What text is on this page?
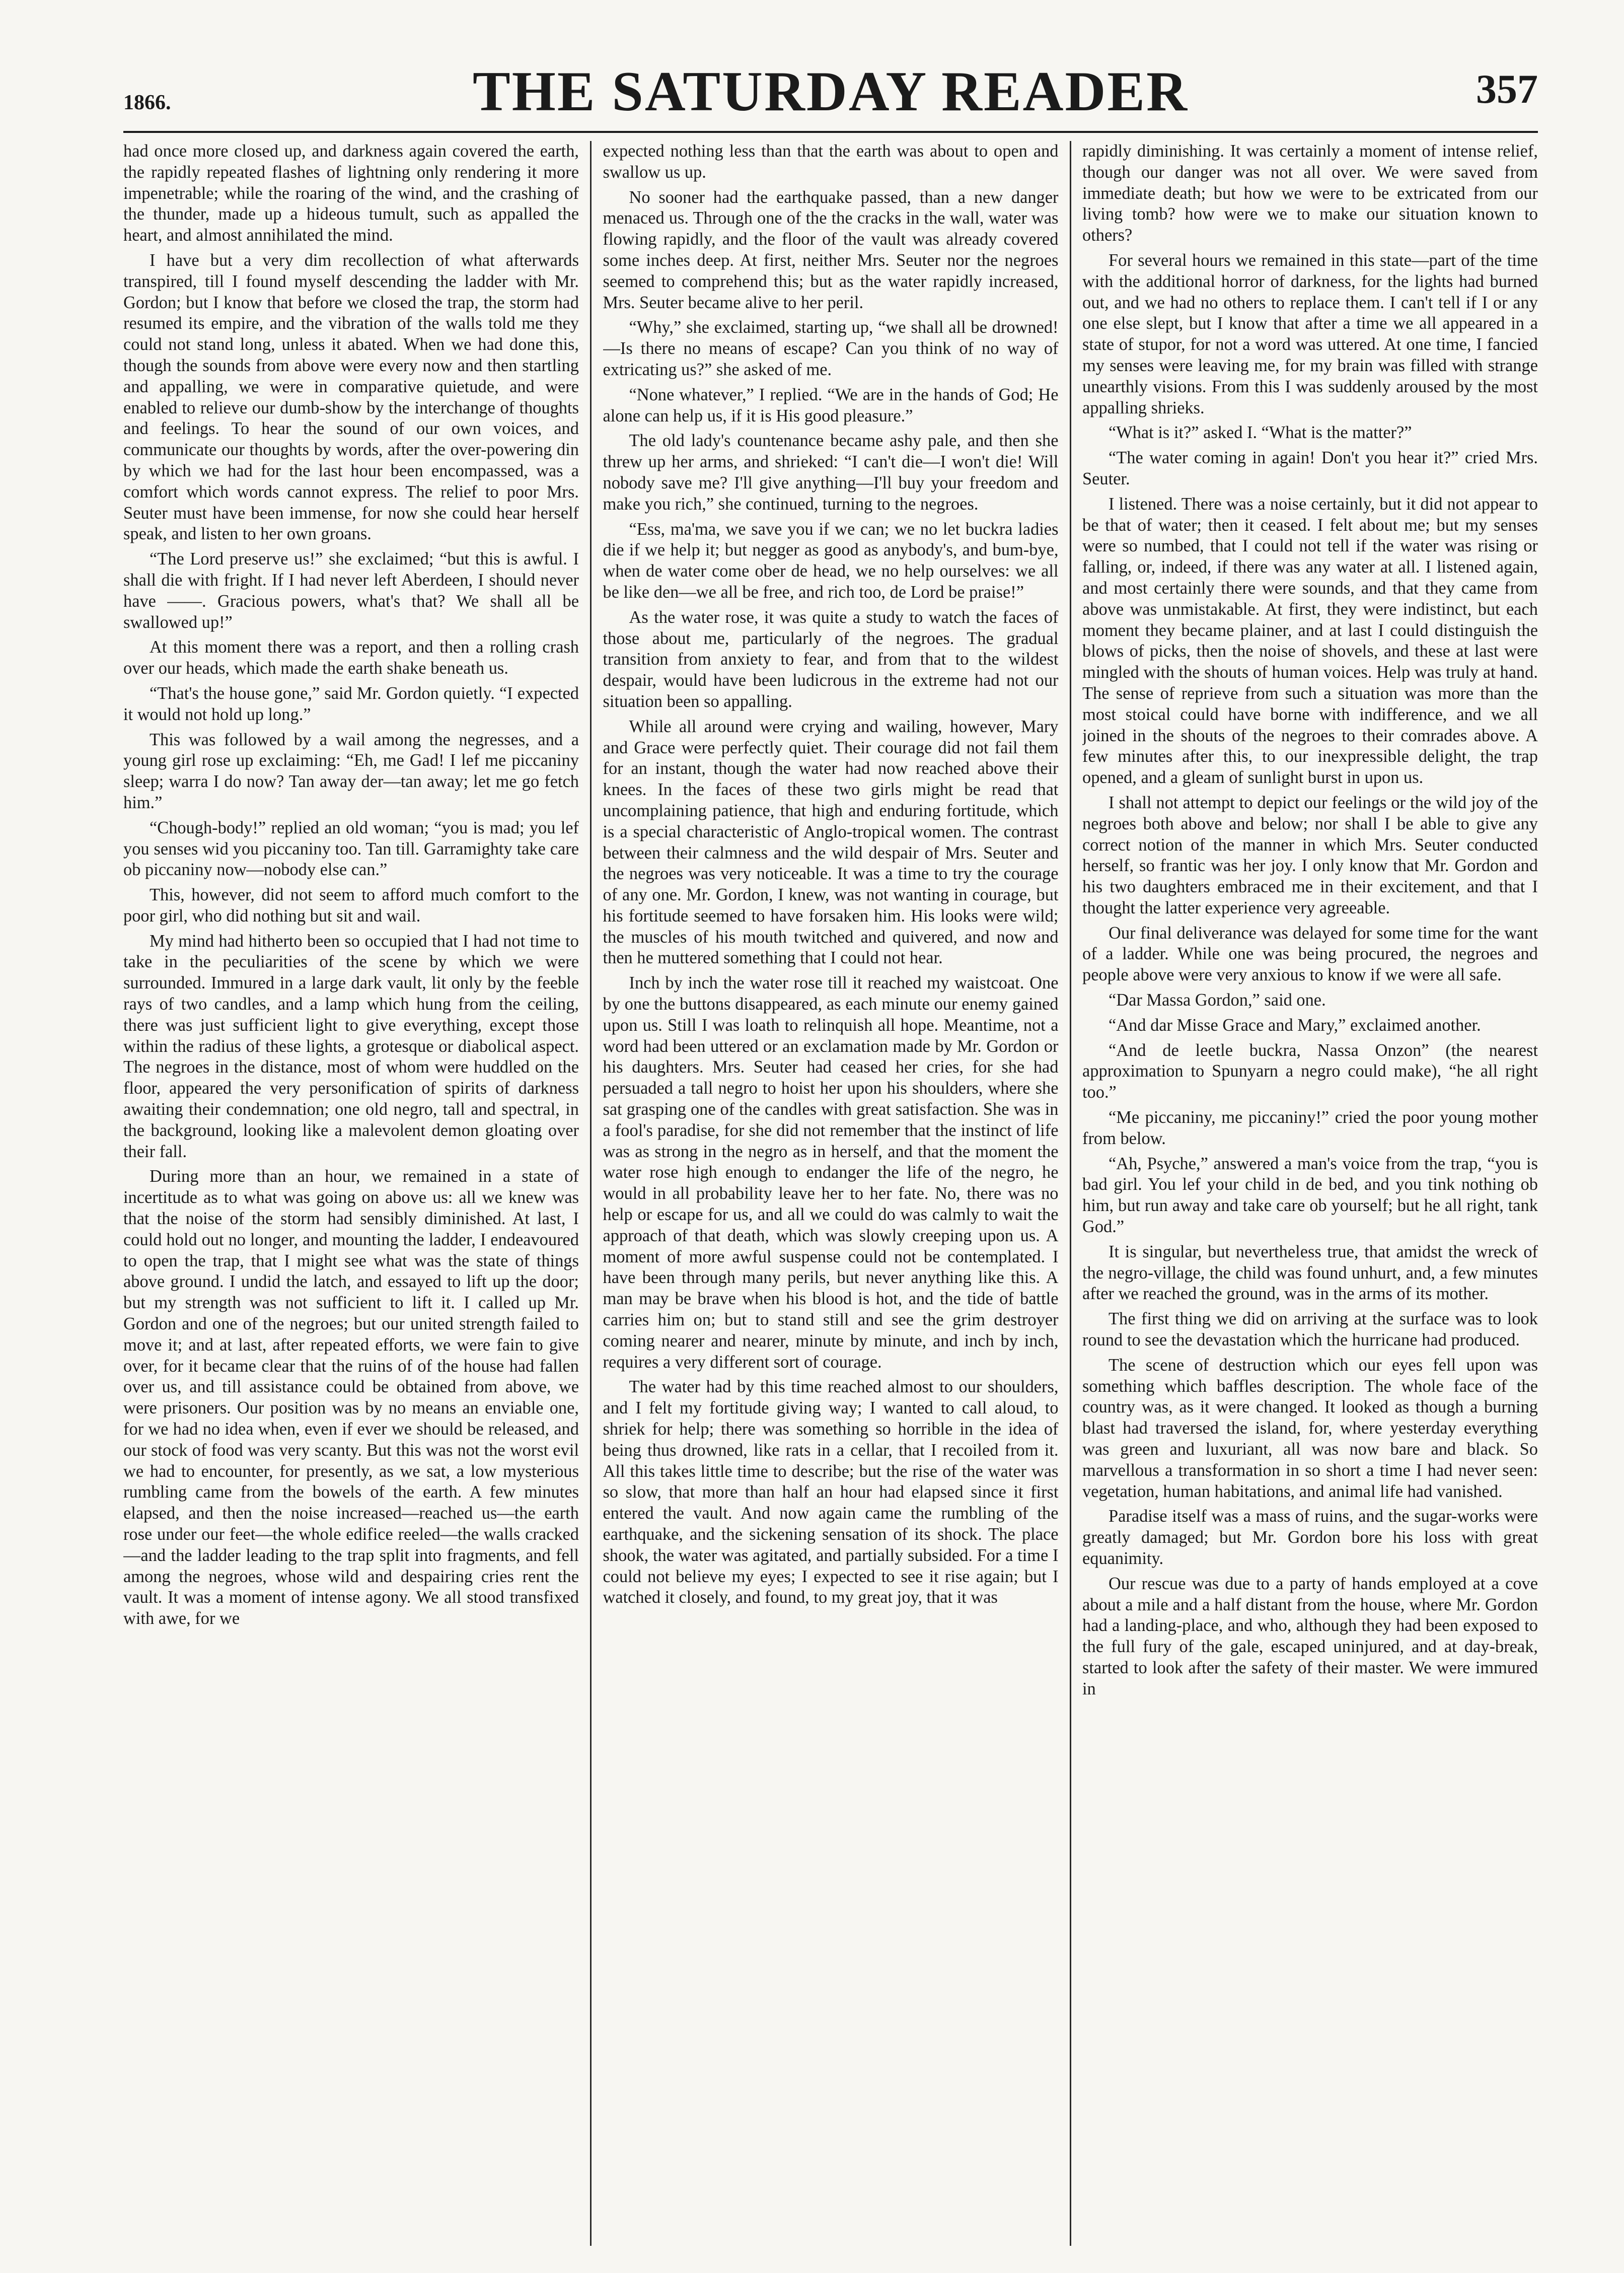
1866.	THE SATURDAY READER	357

had once more closed up, and darkness again covered the earth, the rapidly repeated flashes of lightning only rendering it more impenetrable; while the roaring of the wind, and the crashing of the thunder, made up a hideous tumult, such as appalled the heart, and almost annihilated the mind.

I have but a very dim recollection of what afterwards transpired, till I found myself descending the ladder with Mr. Gordon; but I know that before we closed the trap, the storm had resumed its empire, and the vibration of the walls told me they could not stand long, unless it abated. When we had done this, though the sounds from above were every now and then startling and appalling, we were in comparative quietude, and were enabled to relieve our dumb-show by the interchange of thoughts and feelings. To hear the sound of our own voices, and communicate our thoughts by words, after the over-powering din by which we had for the last hour been encompassed, was a comfort which words cannot express. The relief to poor Mrs. Seuter must have been immense, for now she could hear herself speak, and listen to her own groans.

“The Lord preserve us!” she exclaimed; “but this is awful. I shall die with fright. If I had never left Aberdeen, I should never have ——. Gracious powers, what's that? We shall all be swallowed up!”

At this moment there was a report, and then a rolling crash over our heads, which made the earth shake beneath us.

“That's the house gone,” said Mr. Gordon quietly. “I expected it would not hold up long.”

This was followed by a wail among the negresses, and a young girl rose up exclaiming: “Eh, me Gad! I lef me piccaniny sleep; warra I do now? Tan away der—tan away; let me go fetch him.”

“Chough-body!” replied an old woman; “you is mad; you lef you senses wid you piccaniny too. Tan till. Garramighty take care ob piccaniny now—nobody else can.”

This, however, did not seem to afford much comfort to the poor girl, who did nothing but sit and wail.

My mind had hitherto been so occupied that I had not time to take in the peculiarities of the scene by which we were surrounded. Immured in a large dark vault, lit only by the feeble rays of two candles, and a lamp which hung from the ceiling, there was just sufficient light to give everything, except those within the radius of these lights, a grotesque or diabolical aspect. The negroes in the distance, most of whom were huddled on the floor, appeared the very personification of spirits of darkness awaiting their condemnation; one old negro, tall and spectral, in the background, looking like a malevolent demon gloating over their fall.

During more than an hour, we remained in a state of incertitude as to what was going on above us: all we knew was that the noise of the storm had sensibly diminished. At last, I could hold out no longer, and mounting the ladder, I endeavoured to open the trap, that I might see what was the state of things above ground. I undid the latch, and essayed to lift up the door; but my strength was not sufficient to lift it. I called up Mr. Gordon and one of the negroes; but our united strength failed to move it; and at last, after repeated efforts, we were fain to give over, for it became clear that the ruins of of the house had fallen over us, and till assistance could be obtained from above, we were prisoners. Our position was by no means an enviable one, for we had no idea when, even if ever we should be released, and our stock of food was very scanty. But this was not the worst evil we had to encounter, for presently, as we sat, a low mysterious rumbling came from the bowels of the earth. A few minutes elapsed, and then the noise increased—reached us—the earth rose under our feet—the whole edifice reeled—the walls cracked—and the ladder leading to the trap split into fragments, and fell among the negroes, whose wild and despairing cries rent the vault. It was a moment of intense agony. We all stood transfixed with awe, for we

expected nothing less than that the earth was about to open and swallow us up.

No sooner had the earthquake passed, than a new danger menaced us. Through one of the the cracks in the wall, water was flowing rapidly, and the floor of the vault was already covered some inches deep. At first, neither Mrs. Seuter nor the negroes seemed to comprehend this; but as the water rapidly increased, Mrs. Seuter became alive to her peril.

“Why,” she exclaimed, starting up, “we shall all be drowned!—Is there no means of escape? Can you think of no way of extricating us?” she asked of me.

“None whatever,” I replied. “We are in the hands of God; He alone can help us, if it is His good pleasure.”

The old lady's countenance became ashy pale, and then she threw up her arms, and shrieked: “I can't die—I won't die! Will nobody save me? I'll give anything—I'll buy your freedom and make you rich,” she continued, turning to the negroes.

“Ess, ma'ma, we save you if we can; we no let buckra ladies die if we help it; but negger as good as anybody's, and bum-bye, when de water come ober de head, we no help ourselves: we all be like den—we all be free, and rich too, de Lord be praise!”

As the water rose, it was quite a study to watch the faces of those about me, particularly of the negroes. The gradual transition from anxiety to fear, and from that to the wildest despair, would have been ludicrous in the extreme had not our situation been so appalling.

While all around were crying and wailing, however, Mary and Grace were perfectly quiet. Their courage did not fail them for an instant, though the water had now reached above their knees. In the faces of these two girls might be read that uncomplaining patience, that high and enduring fortitude, which is a special characteristic of Anglo-tropical women. The contrast between their calmness and the wild despair of Mrs. Seuter and the negroes was very noticeable. It was a time to try the courage of any one. Mr. Gordon, I knew, was not wanting in courage, but his fortitude seemed to have forsaken him. His looks were wild; the muscles of his mouth twitched and quivered, and now and then he muttered something that I could not hear.

Inch by inch the water rose till it reached my waistcoat. One by one the buttons disappeared, as each minute our enemy gained upon us. Still I was loath to relinquish all hope. Meantime, not a word had been uttered or an exclamation made by Mr. Gordon or his daughters. Mrs. Seuter had ceased her cries, for she had persuaded a tall negro to hoist her upon his shoulders, where she sat grasping one of the candles with great satisfaction. She was in a fool's paradise, for she did not remember that the instinct of life was as strong in the negro as in herself, and that the moment the water rose high enough to endanger the life of the negro, he would in all probability leave her to her fate. No, there was no help or escape for us, and all we could do was calmly to wait the approach of that death, which was slowly creeping upon us. A moment of more awful suspense could not be contemplated. I have been through many perils, but never anything like this. A man may be brave when his blood is hot, and the tide of battle carries him on; but to stand still and see the grim destroyer coming nearer and nearer, minute by minute, and inch by inch, requires a very different sort of courage.

The water had by this time reached almost to our shoulders, and I felt my fortitude giving way; I wanted to call aloud, to shriek for help; there was something so horrible in the idea of being thus drowned, like rats in a cellar, that I recoiled from it. All this takes little time to describe; but the rise of the water was so slow, that more than half an hour had elapsed since it first entered the vault. And now again came the rumbling of the earthquake, and the sickening sensation of its shock. The place shook, the water was agitated, and partially subsided. For a time I could not believe my eyes; I expected to see it rise again; but I watched it closely, and found, to my great joy, that it was

rapidly diminishing. It was certainly a moment of intense relief, though our danger was not all over. We were saved from immediate death; but how we were to be extricated from our living tomb? how were we to make our situation known to others?

For several hours we remained in this state—part of the time with the additional horror of darkness, for the lights had burned out, and we had no others to replace them. I can't tell if I or any one else slept, but I know that after a time we all appeared in a state of stupor, for not a word was uttered. At one time, I fancied my senses were leaving me, for my brain was filled with strange unearthly visions. From this I was suddenly aroused by the most appalling shrieks.

“What is it?” asked I. “What is the matter?”

“The water coming in again! Don't you hear it?” cried Mrs. Seuter.

I listened. There was a noise certainly, but it did not appear to be that of water; then it ceased. I felt about me; but my senses were so numbed, that I could not tell if the water was rising or falling, or, indeed, if there was any water at all. I listened again, and most certainly there were sounds, and that they came from above was unmistakable. At first, they were indistinct, but each moment they became plainer, and at last I could distinguish the blows of picks, then the noise of shovels, and these at last were mingled with the shouts of human voices. Help was truly at hand. The sense of reprieve from such a situation was more than the most stoical could have borne with indifference, and we all joined in the shouts of the negroes to their comrades above. A few minutes after this, to our inexpressible delight, the trap opened, and a gleam of sunlight burst in upon us.

I shall not attempt to depict our feelings or the wild joy of the negroes both above and below; nor shall I be able to give any correct notion of the manner in which Mrs. Seuter conducted herself, so frantic was her joy. I only know that Mr. Gordon and his two daughters embraced me in their excitement, and that I thought the latter experience very agreeable.

Our final deliverance was delayed for some time for the want of a ladder. While one was being procured, the negroes and people above were very anxious to know if we were all safe.

“Dar Massa Gordon,” said one.

“And dar Misse Grace and Mary,” exclaimed another.

“And de leetle buckra, Nassa Onzon” (the nearest approximation to Spunyarn a negro could make), “he all right too.”

“Me piccaniny, me piccaniny!” cried the poor young mother from below.

“Ah, Psyche,” answered a man's voice from the trap, “you is bad girl. You lef your child in de bed, and you tink nothing ob him, but run away and take care ob yourself; but he all right, tank God.”

It is singular, but nevertheless true, that amidst the wreck of the negro-village, the child was found unhurt, and, a few minutes after we reached the ground, was in the arms of its mother.

The first thing we did on arriving at the surface was to look round to see the devastation which the hurricane had produced.

The scene of destruction which our eyes fell upon was something which baffles description. The whole face of the country was, as it were changed. It looked as though a burning blast had traversed the island, for, where yesterday everything was green and luxuriant, all was now bare and black. So marvellous a transformation in so short a time I had never seen: vegetation, human habitations, and animal life had vanished.

Paradise itself was a mass of ruins, and the sugar-works were greatly damaged; but Mr. Gordon bore his loss with great equanimity.

Our rescue was due to a party of hands employed at a cove about a mile and a half distant from the house, where Mr. Gordon had a landing-place, and who, although they had been exposed to the full fury of the gale, escaped uninjured, and at day-break, started to look after the safety of their master. We were immured in
